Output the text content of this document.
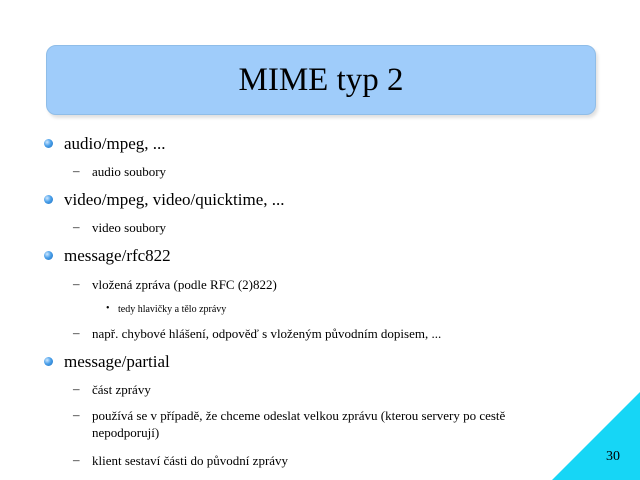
MIME typ 2
audio/mpeg, ...
– audio soubory
video/mpeg, video/quicktime, ...
– video soubory
message/rfc822
– vložená zpráva (podle RFC (2)822)
• tedy hlavičky a tělo zprávy
– např. chybové hlášení, odpověď s vloženým původním dopisem, ...
message/partial
– část zprávy
– používá se v případě, že chceme odeslat velkou zprávu (kterou servery po cestě nepodporují)
– klient sestaví části do původní zprávy	30
